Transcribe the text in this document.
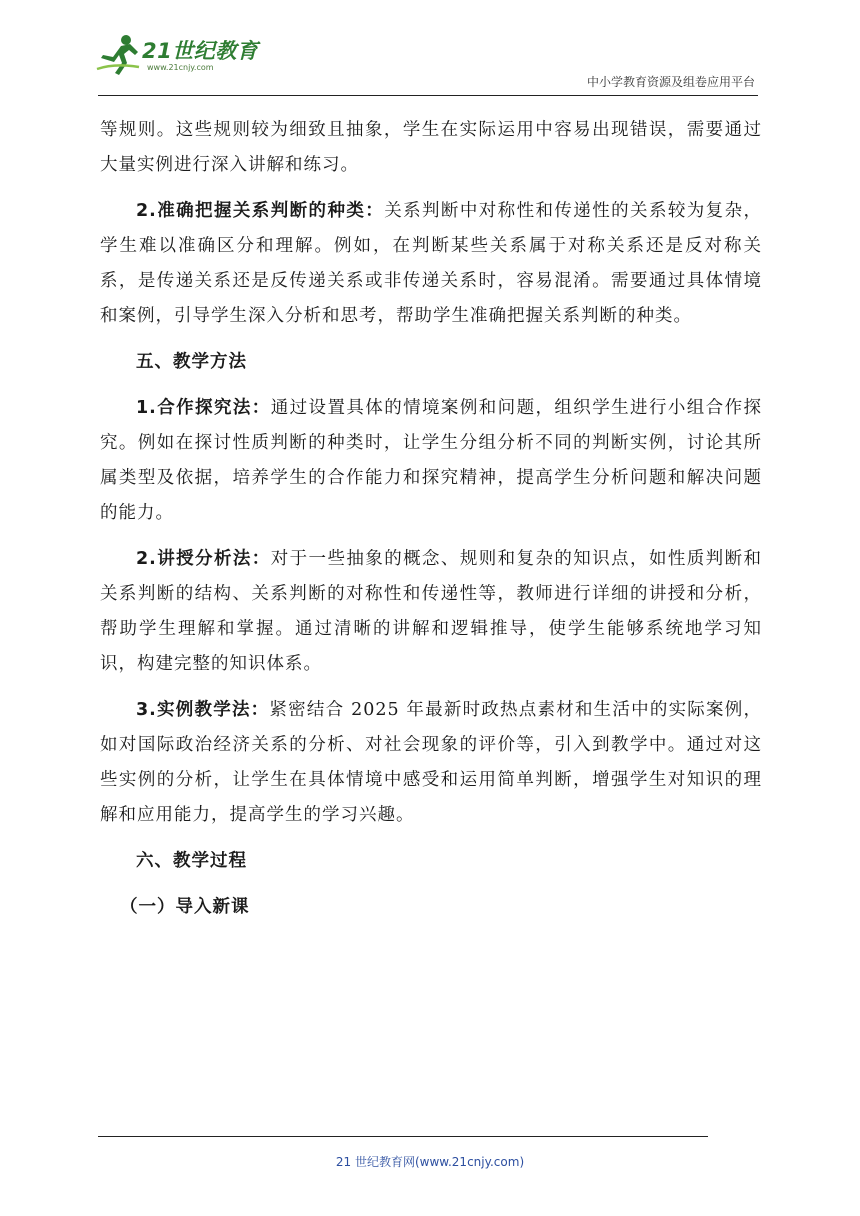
21世纪教育
www.21cnjy.com
中小学教育资源及组卷应用平台

等规则。这些规则较为细致且抽象，学生在实际运用中容易出现错误，需要通过大量实例进行深入讲解和练习。

2.准确把握关系判断的种类：关系判断中对称性和传递性的关系较为复杂，学生难以准确区分和理解。例如，在判断某些关系属于对称关系还是反对称关系，是传递关系还是反传递关系或非传递关系时，容易混淆。需要通过具体情境和案例，引导学生深入分析和思考，帮助学生准确把握关系判断的种类。

五、教学方法

1.合作探究法：通过设置具体的情境案例和问题，组织学生进行小组合作探究。例如在探讨性质判断的种类时，让学生分组分析不同的判断实例，讨论其所属类型及依据，培养学生的合作能力和探究精神，提高学生分析问题和解决问题的能力。

2.讲授分析法：对于一些抽象的概念、规则和复杂的知识点，如性质判断和关系判断的结构、关系判断的对称性和传递性等，教师进行详细的讲授和分析，帮助学生理解和掌握。通过清晰的讲解和逻辑推导，使学生能够系统地学习知识，构建完整的知识体系。

3.实例教学法：紧密结合 2025 年最新时政热点素材和生活中的实际案例，如对国际政治经济关系的分析、对社会现象的评价等，引入到教学中。通过对这些实例的分析，让学生在具体情境中感受和运用简单判断，增强学生对知识的理解和应用能力，提高学生的学习兴趣。

六、教学过程
（一）导入新课
21 世纪教育网(www.21cnjy.com)
